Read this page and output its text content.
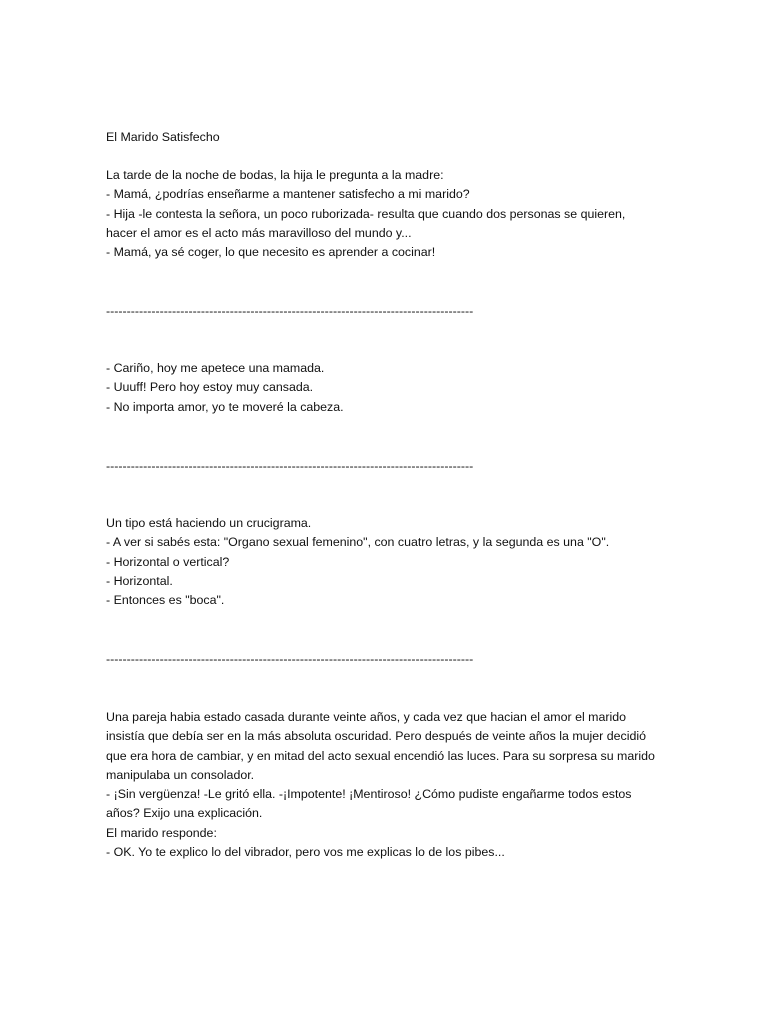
El Marido Satisfecho

La tarde de la noche de bodas, la hija le pregunta a la madre:

- Mamá, ¿podrías enseñarme a mantener satisfecho a mi marido?

- Hija -le contesta la señora, un poco ruborizada- resulta que cuando dos personas se quieren,

hacer el amor es el acto más maravilloso del mundo y...

- Mamá, ya sé coger, lo que necesito es aprender a cocinar!

-----------------------------------------------------------------------------------------

- Cariño, hoy me apetece una mamada.

- Uuuff! Pero hoy estoy muy cansada.

- No importa amor, yo te moveré la cabeza.

-----------------------------------------------------------------------------------------

Un tipo está haciendo un crucigrama.

- A ver si sabés esta: "Organo sexual femenino", con cuatro letras, y la segunda es una "O".

- Horizontal o vertical?

- Horizontal.

- Entonces es "boca".

-----------------------------------------------------------------------------------------

Una pareja habia estado casada durante veinte años, y cada vez que hacian el amor el marido

insistía que debía ser en la más absoluta oscuridad. Pero después de veinte años la mujer decidió

que era hora de cambiar, y en mitad del acto sexual encendió las luces. Para su sorpresa su marido

manipulaba un consolador.

- ¡Sin vergüenza! -Le gritó ella. -¡Impotente! ¡Mentiroso! ¿Cómo pudiste engañarme todos estos

años? Exijo una explicación.

El marido responde:

- OK. Yo te explico lo del vibrador, pero vos me explicas lo de los pibes...
